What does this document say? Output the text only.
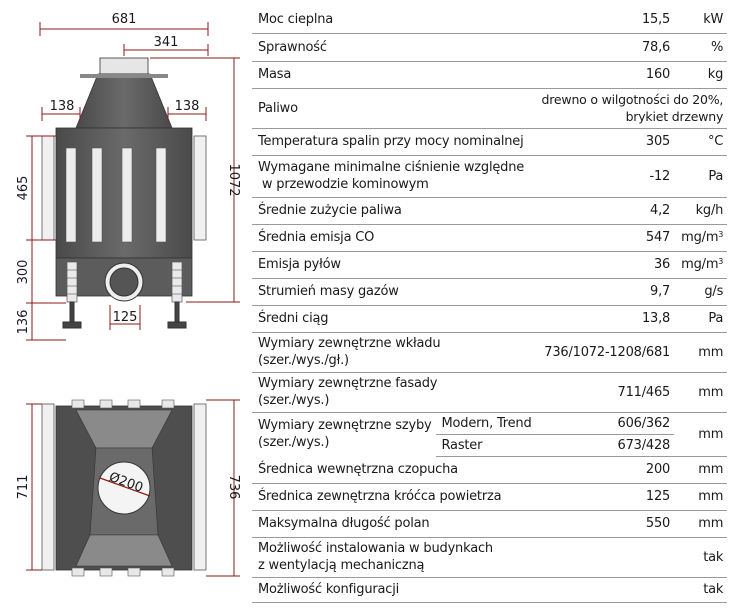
681
341
138	138
125
465
300
136
1072
Ø200
711	736
Moc cieplna		15,5	kW
Sprawność		78,6	%
Masa		160	kg
Paliwo		drewno o wilgotności do 20%,
brykiet drzewny	

Temperatura spalin przy mocy nominalnej		305	°C

Wymagane minimalne ciśnienie względne
w przewodzie kominowym		-12	Pa
Średnie zużycie paliwa		4,2	kg/h
Średnia emisja CO		547	$mg/m^3$
Emisja pyłów		36	$mg/m^3$
Strumień masy gazów		9,7	g/s
Średni ciąg		13,8	Pa

Wymiary zewnętrzne wkładu
(szer./wys./gł.)		736/1072-1208/681	mm

Wymiary zewnętrzne fasady
(szer./wys.)		711/465	mm

Wymiary zewnętrzne szyby
(szer./wys.)	Modern, Trend	606/362	mm
	Raster	673/428	
Średnica wewnętrzna czopucha		200	mm
Średnica zewnętrzna króćca powietrza		125	mm
Maksymalna długość polan		550	mm

Możliwość instalowania w budynkach
z wentylacją mechaniczną			tak
Możliwość konfiguracji			tak
